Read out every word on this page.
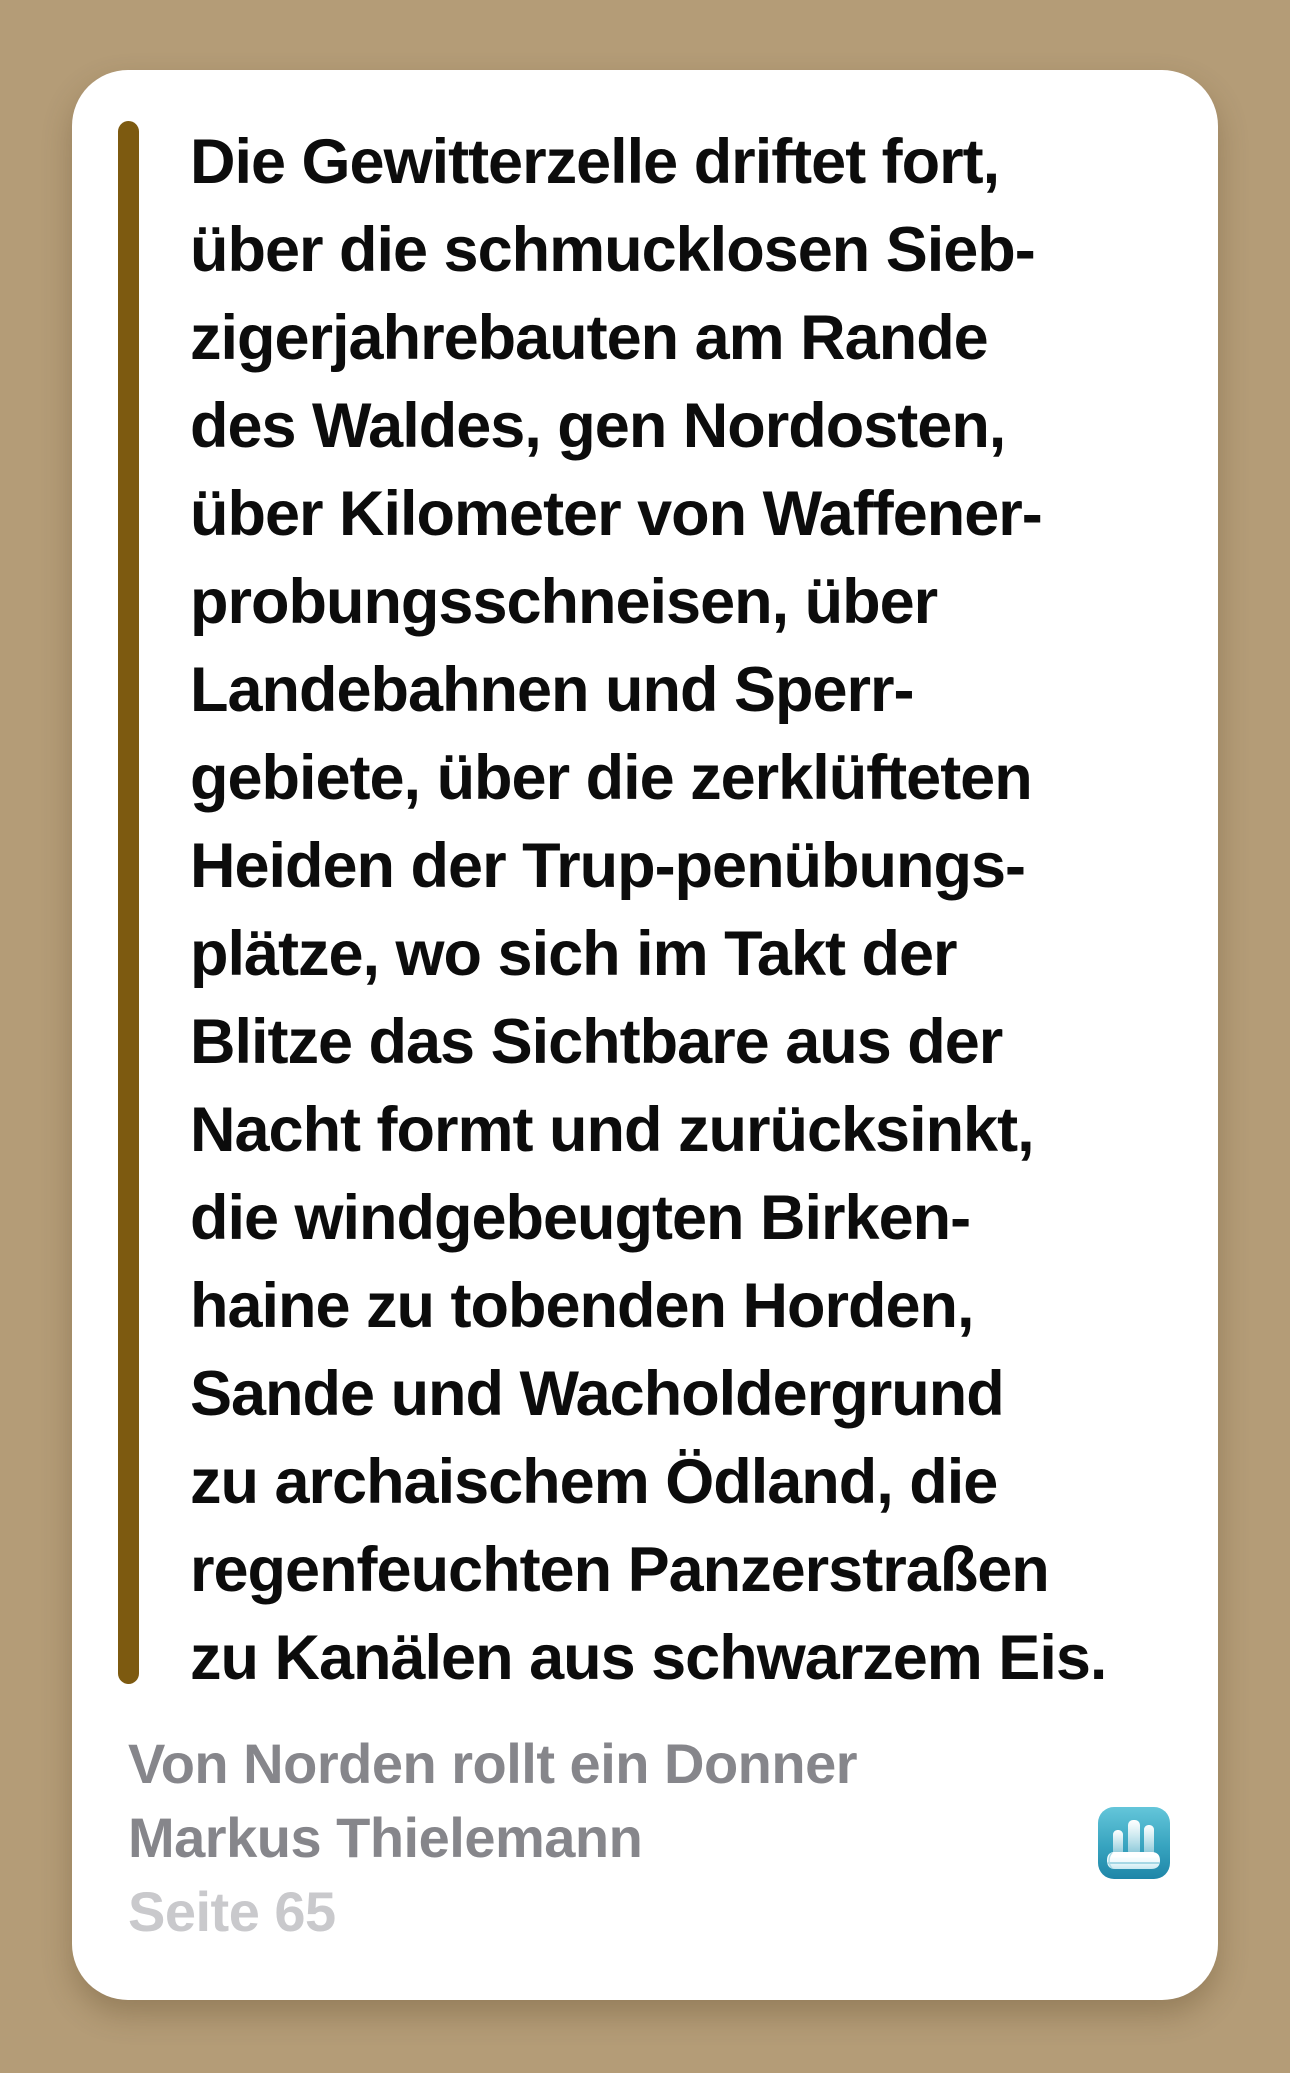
Die Gewitterzelle driftet fort,
über die schmucklosen Sieb-
zigerjahrebauten am Rande
des Waldes, gen Nordosten,
über Kilometer von Waffener-
probungsschneisen, über
Landebahnen und Sperr-
gebiete, über die zerklüfteten
Heiden der Trup-penübungs-
plätze, wo sich im Takt der
Blitze das Sichtbare aus der
Nacht formt und zurücksinkt,
die windgebeugten Birken-
haine zu tobenden Horden,
Sande und Wacholdergrund
zu archaischem Ödland, die
regenfeuchten Panzerstraßen
zu Kanälen aus schwarzem Eis.
Von Norden rollt ein Donner
Markus Thielemann
Seite 65
